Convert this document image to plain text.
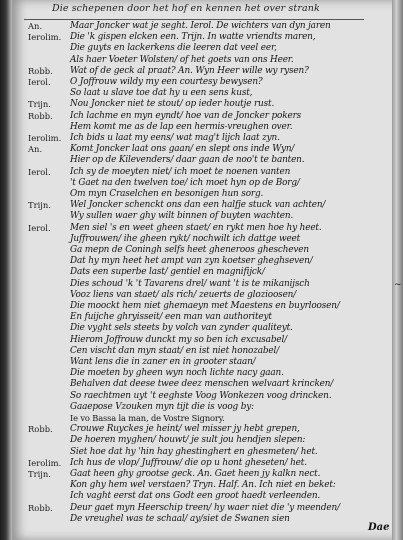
Die schepenen door het hof en kennen het over strank
An.	Maar Joncker wat je seght. Ierol. De wichters van dyn jaren
Ierolim. Die 'k gispen elcken een. Trijn. In watte vriendts maren,
Die guyts en lackerkens die leeren dat veel eer,
Als haer Voeter Wolsten/ of het goets van ons Heer.
Robb. Wat of de geck al praat? An. Wyn Heer wille wy rysen?
Ierol. O Joffrouw wildy my een courtesy bewysen?
So laat u slave toe dat hy u een sens kust,
Trijn. Nou Joncker niet te stout/ op ieder houtje rust.
Robb. Ich lachme en myn eyndt/ hoe van de Joncker pokers
Hem komt me as de lap een hermis-vreughen over.
Ierolim. Ich bids u laat my eens/ wat mag't lijch laat zyn.
An.	Komt Joncker laat ons gaan/ en slept ons inde Wyn/
Hier op de Kilevenders/ daar gaan de noo't te banten.
Ierol. Ich sy de moeyten niet/ ich moet te noenen vanten
't Gaet na den twelven toe/ ich moet hyn op de Borg/
Om myn Craselchen en besonigen hun sorg.
Trijn. Wel Joncker schenckt ons dan een halfje stuck van achten/
Wy sullen waer ghy wilt binnen of buyten wachten.
Ierol. Men siel 's en weet gheen staet/ en rykt men hoe hy heet.
Juffrouwen/ ihe gheen rykt/ nochwilt ich dattge weet
Ga mepn de Coningh selfs heet gheneroos ghescheven
Dat hy myn heet het ampt van zyn koetser gheghseven/
Dats een superbe last/ gentiel en magnifijck/
Dies schoud 'k 't Tavarens drel/ want 't is te mikanijsch
Vooz liens van staet/ als rich/ zeuerts de glozioosen/
Die moockt hem niet ghemaeyn met Maestens en buyrloosen/
En fuijche ghryisseit/ een man van authoriteyt
Die vyght sels steets by volch van zynder qualiteyt.
Hierom Joffrouw dunckt my so ben ich excusabel/
Cen vischt dan myn staat/ en ist niet honozabel/
Want lens die in zaner en in grooter staan/
Die moeten by gheen wyn noch lichte nacy gaan.
Behalven dat deese twee deez menschen welvaart krincken/
So raechtmen uyt 't eeghste Voog Wonkezen voog drincken.
Gaaepose Vzouken myn tijt die is voog by:
Ie vo Bassa la man, de Vostre Signory.
Robb. Crouwe Ruyckes je heint/ wel misser jy hebt grepen,
De hoeren myghen/ houwt/ je sult jou hendjen slepen:
Siet hoe dat hy 'hin hay ghestinghert en ghesmeten/ het.
Ierolim. Ich hus de vlop/ Juffrouw/ die op u hont gheseten/ het.
Trijn. Gaat heen ghy grootse geck. An. Gaet heen jy kalkn nect.
Kon ghy hem wel verstaen? Tryn. Half. An. Ich niet en beket:
Ich vaght eerst dat ons Godt een groot haedt verleenden.
Robb. Deur gaet myn Heerschip treen/ hy waer niet die 'y meenden/
De vreughel was te schaal/ ay/siet de Swanen sien
~
Dae
